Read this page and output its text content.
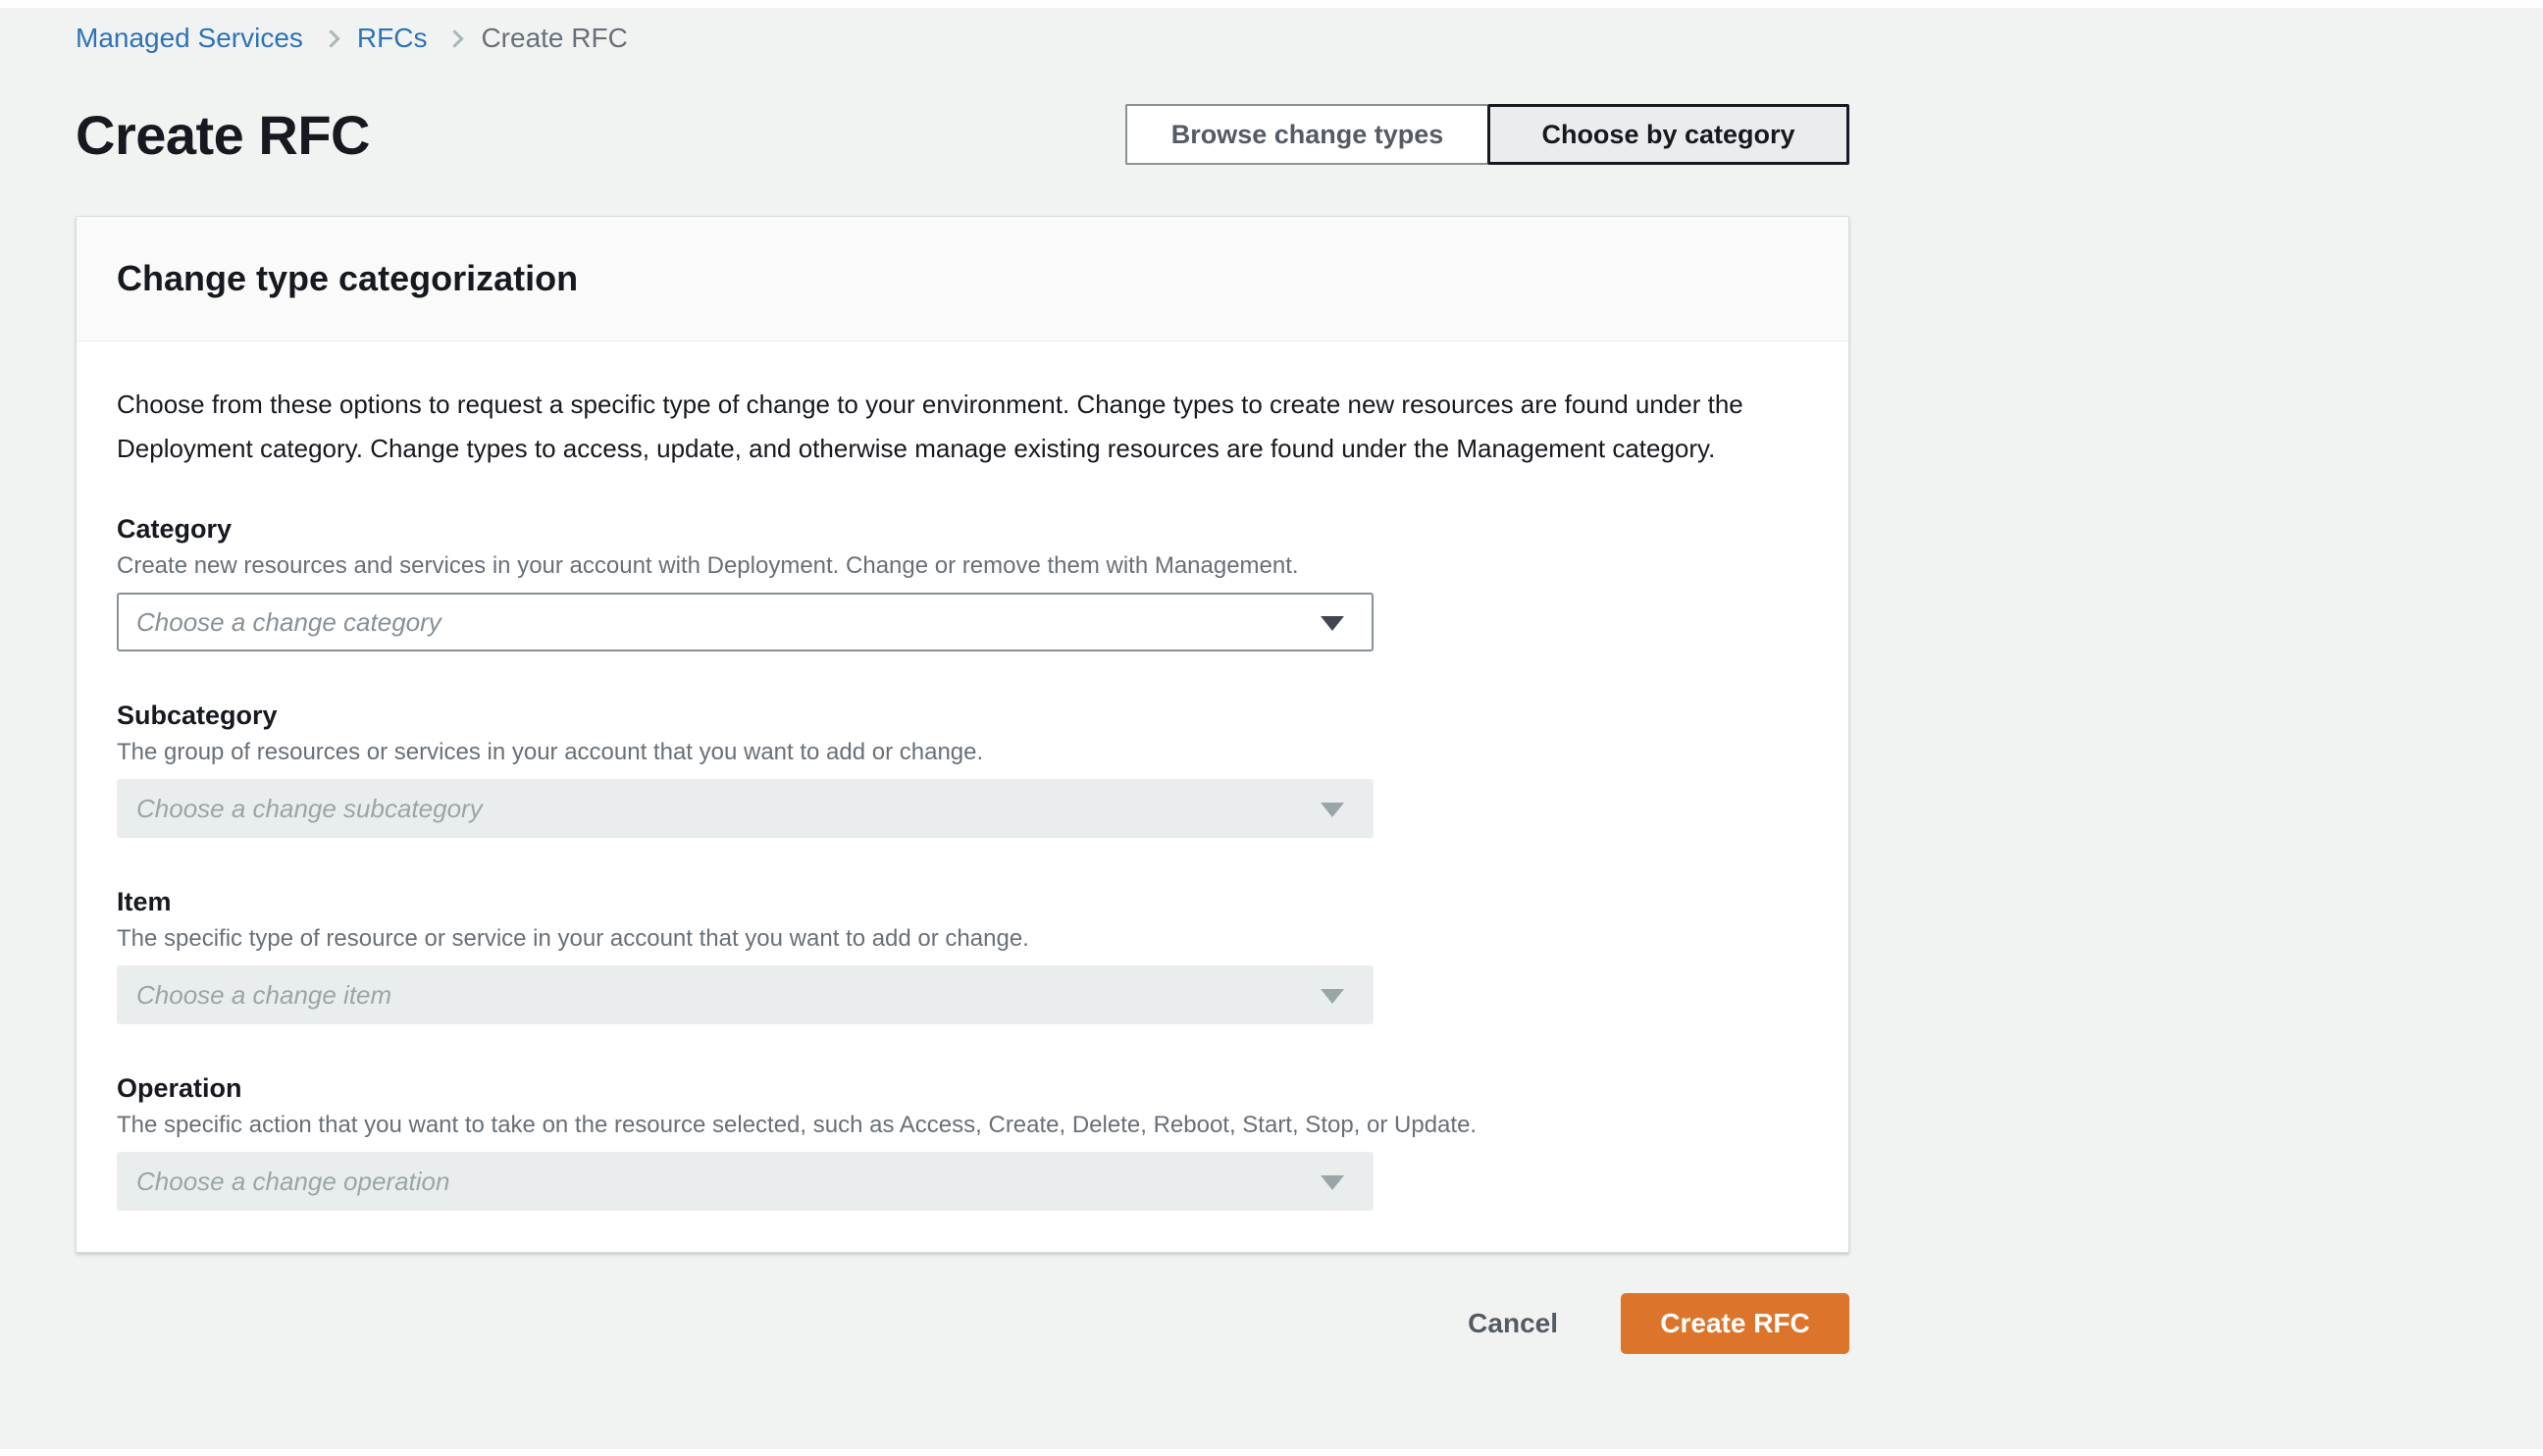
Managed Services RFCs Create RFC
Create RFC	Browse change types	Choose by category
Change type categorization

Choose from these options to request a specific type of change to your environment. Change types to create new resources are found under the Deployment category. Change types to access, update, and otherwise manage existing resources are found under the Management category.

Category
Create new resources and services in your account with Deployment. Change or remove them with Management.
Choose a change category
Subcategory
The group of resources or services in your account that you want to add or change.
Choose a change subcategory
Item
The specific type of resource or service in your account that you want to add or change.
Choose a change item
Operation
The specific action that you want to take on the resource selected, such as Access, Create, Delete, Reboot, Start, Stop, or Update.
Choose a change operation
Cancel	Create RFC
